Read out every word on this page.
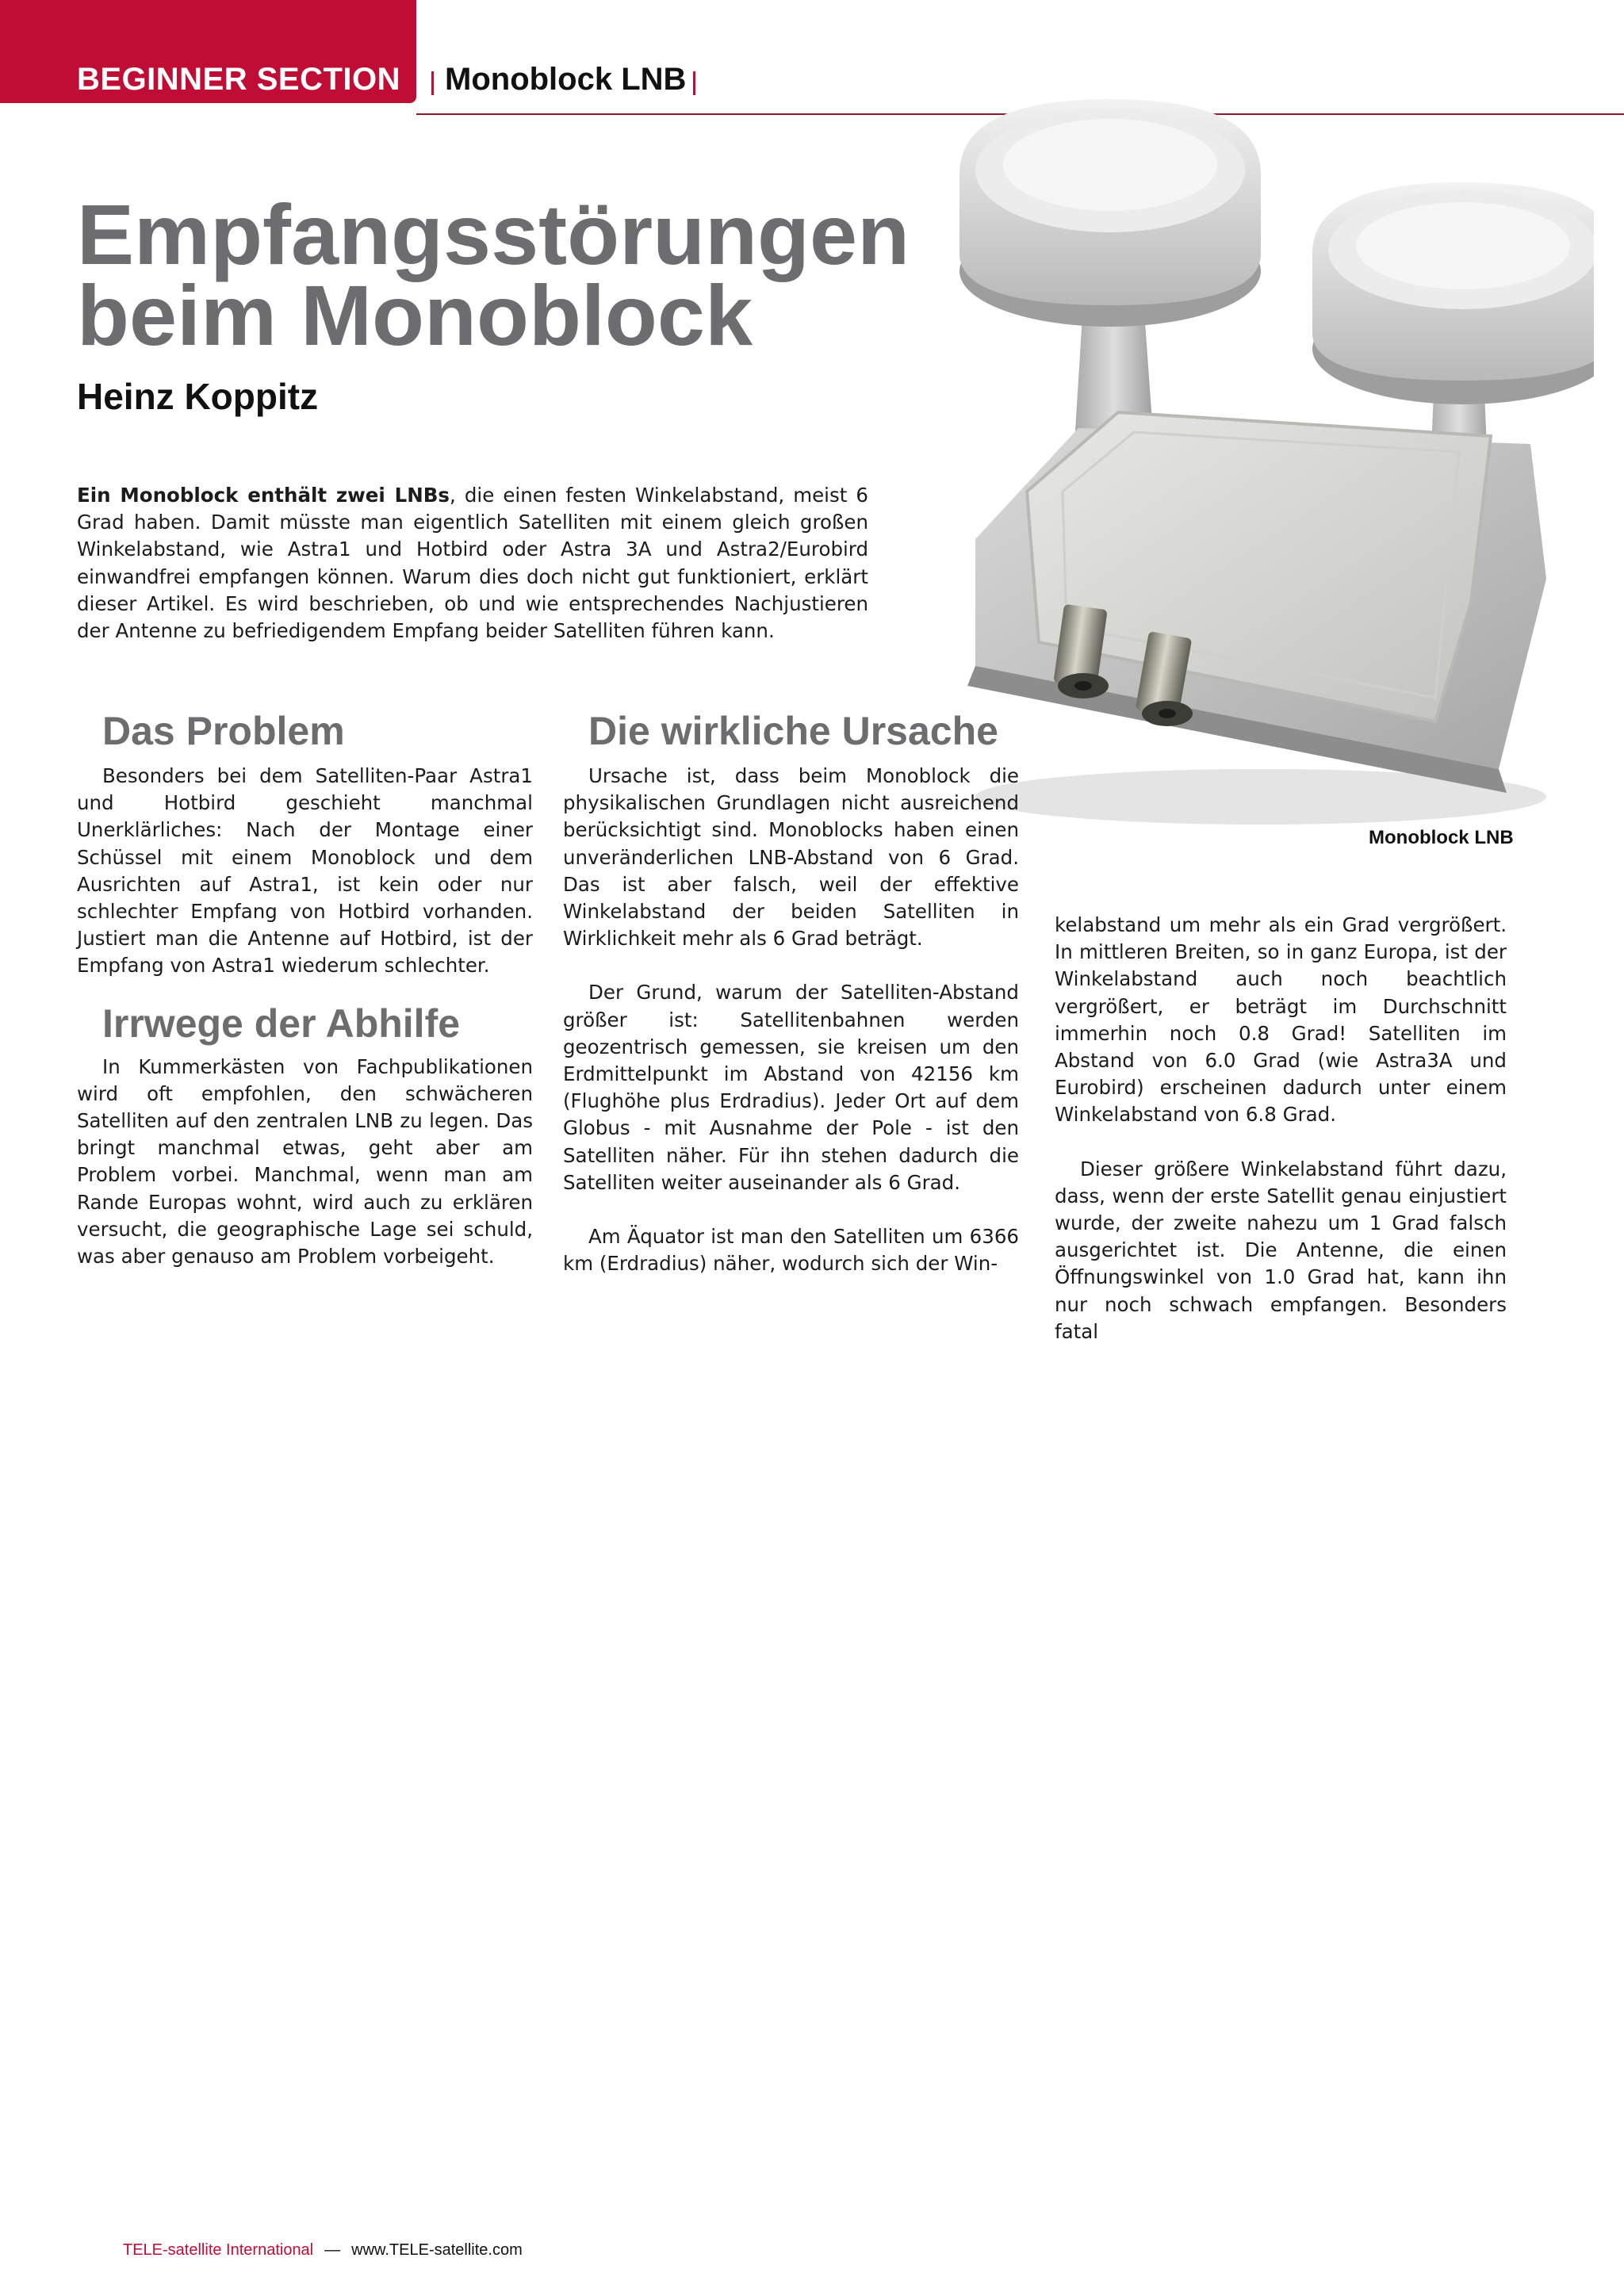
BEGINNER SECTION Monoblock LNB
Empfangsstörungen beim Monoblock
Heinz Koppitz

Ein Monoblock enthält zwei LNBs, die einen festen Winkelabstand, meist 6 Grad haben. Damit müsste man eigentlich Satelliten mit einem gleich großen Winkelabstand, wie Astra1 und Hotbird oder Astra 3A und Astra2/Eurobird einwandfrei empfangen können. Warum dies doch nicht gut funktioniert, erklärt dieser Artikel. Es wird beschrieben, ob und wie entsprechendes Nachjustieren der Antenne zu befriedigendem Empfang beider Satelliten führen kann.

Monoblock LNB
Das Problem

Besonders bei dem Satelliten-Paar Astra1 und Hotbird geschieht manchmal Unerklärliches: Nach der Montage einer Schüssel mit einem Monoblock und dem Ausrichten auf Astra1, ist kein oder nur schlechter Empfang von Hotbird vorhanden. Justiert man die Antenne auf Hotbird, ist der Empfang von Astra1 wiederum schlechter.

Irrwege der Abhilfe

In Kummerkästen von Fachpublikationen wird oft empfohlen, den schwächeren Satelliten auf den zentralen LNB zu legen. Das bringt manchmal etwas, geht aber am Problem vorbei. Manchmal, wenn man am Rande Europas wohnt, wird auch zu erklären versucht, die geographische Lage sei schuld, was aber genauso am Problem vorbeigeht.

Die wirkliche Ursache

Ursache ist, dass beim Monoblock die physikalischen Grundlagen nicht ausreichend berücksichtigt sind. Monoblocks haben einen unveränderlichen LNB-Abstand von 6 Grad. Das ist aber falsch, weil der effektive Winkelabstand der beiden Satelliten in Wirklichkeit mehr als 6 Grad beträgt.

Der Grund, warum der Satelliten-Abstand größer ist: Satellitenbahnen werden geozentrisch gemessen, sie kreisen um den Erdmittelpunkt im Abstand von 42156 km (Flughöhe plus Erdradius). Jeder Ort auf dem Globus - mit Ausnahme der Pole - ist den Satelliten näher. Für ihn stehen dadurch die Satelliten weiter auseinander als 6 Grad.

Am Äquator ist man den Satelliten um 6366 km (Erdradius) näher, wodurch sich der Win-

kelabstand um mehr als ein Grad vergrößert. In mittleren Breiten, so in ganz Europa, ist der Winkelabstand auch noch beachtlich vergrößert, er beträgt im Durchschnitt immerhin noch 0.8 Grad! Satelliten im Abstand von 6.0 Grad (wie Astra3A und Eurobird) erscheinen dadurch unter einem Winkelabstand von 6.8 Grad.

Dieser größere Winkelabstand führt dazu, dass, wenn der erste Satellit genau einjustiert wurde, der zweite nahezu um 1 Grad falsch ausgerichtet ist. Die Antenne, die einen Öffnungswinkel von 1.0 Grad hat, kann ihn nur noch schwach empfangen. Besonders fatal

TELE-satellite International — www.TELE-satellite.com
